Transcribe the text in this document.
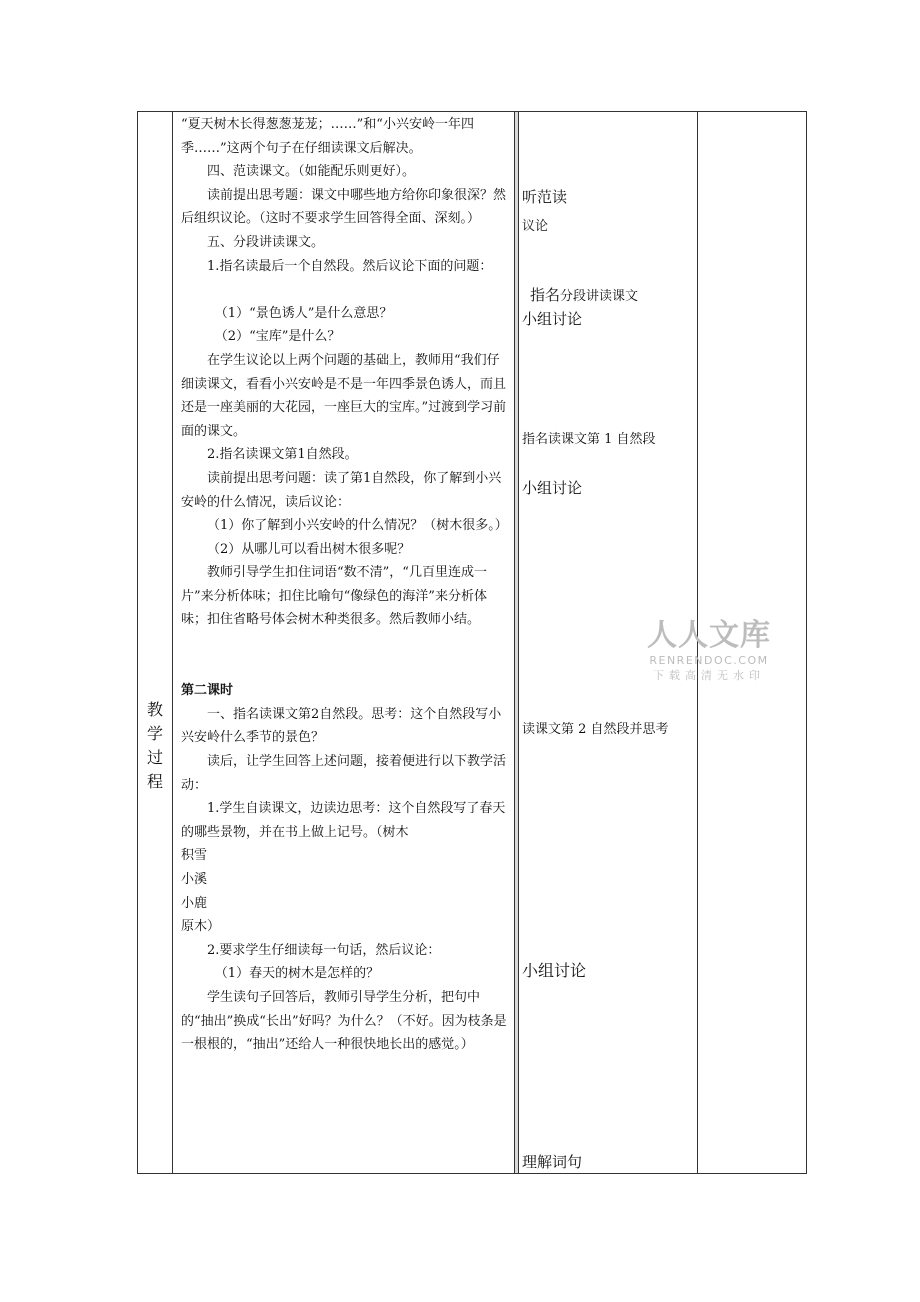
教
学
过
程

“夏天树木长得葱葱茏茏；……”和“小兴安岭一年四季……”这两个句子在仔细读课文后解决。

四、范读课文。（如能配乐则更好）。

读前提出思考题：课文中哪些地方给你印象很深？然后组织议论。（这时不要求学生回答得全面、深刻。）

五、分段讲读课文。

1.指名读最后一个自然段。然后议论下面的问题：

（1）“景色诱人”是什么意思？

（2）“宝库”是什么？

在学生议论以上两个问题的基础上，教师用“我们仔细读课文，看看小兴安岭是不是一年四季景色诱人，而且还是一座美丽的大花园，一座巨大的宝库。”过渡到学习前面的课文。

2.指名读课文第1自然段。

读前提出思考问题：读了第1自然段，你了解到小兴安岭的什么情况，读后议论：

（1）你了解到小兴安岭的什么情况？（树木很多。）

（2）从哪儿可以看出树木很多呢？

教师引导学生扣住词语“数不清”，“几百里连成一片”来分析体味；扣住比喻句“像绿色的海洋”来分析体味；扣住省略号体会树木种类很多。然后教师小结。

第二课时

一、指名读课文第2自然段。思考：这个自然段写小兴安岭什么季节的景色？

读后，让学生回答上述问题，接着便进行以下教学活动：

1.学生自读课文，边读边思考：这个自然段写了春天的哪些景物，并在书上做上记号。（树木

积雪

小溪

小鹿

原木）

2.要求学生仔细读每一句话，然后议论：

（1）春天的树木是怎样的？

学生读句子回答后，教师引导学生分析，把句中的“抽出”换成“长出”好吗？为什么？（不好。因为枝条是一根根的，“抽出”还给人一种很快地长出的感觉。）

听范读

议论

指名分段讲读课文

小组讨论

指名读课文第 1 自然段

小组讨论

读课文第 2 自然段并思考

小组讨论

理解词句

人人文库
RENRENDOC.COM
下载高清无水印
